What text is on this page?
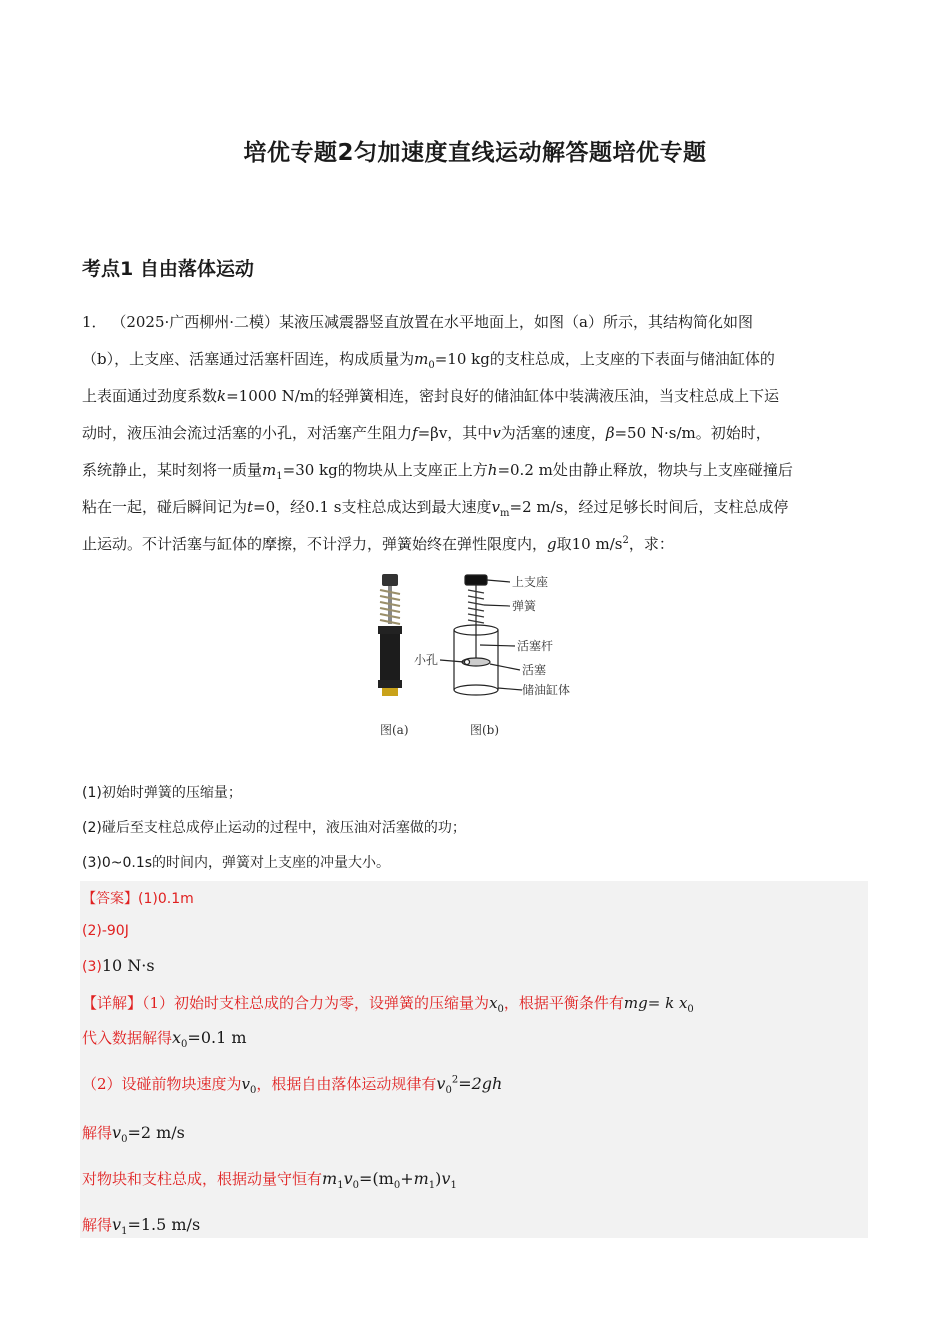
培优专题2匀加速度直线运动解答题培优专题
考点1 自由落体运动
1． （2025·广西柳州·二模）某液压减震器竖直放置在水平地面上，如图（a）所示，其结构简化如图
（b），上支座、活塞通过活塞杆固连，构成质量为$m_0=10$ kg的支柱总成，上支座的下表面与储油缸体的
上表面通过劲度系数k=1000 N/m的轻弹簧相连，密封良好的储油缸体中装满液压油，当支柱总成上下运
动时，液压油会流过活塞的小孔，对活塞产生阻力f=βv，其中v为活塞的速度，β=50 N·s/m。初始时，
系统静止，某时刻将一质量$m_1=30$ kg的物块从上支座正上方h=0.2 m处由静止释放，物块与上支座碰撞后
粘在一起，碰后瞬间记为t=0，经0.1 s支柱总成达到最大速度$v_m=2$ m/s，经过足够长时间后，支柱总成停
止运动。不计活塞与缸体的摩擦，不计浮力，弹簧始终在弹性限度内，g取10 $m/s^2$，求：
上支座
弹簧
活塞杆
小孔
活塞
储油缸体
图(a)	图(b)
(1)初始时弹簧的压缩量；
(2)碰后至支柱总成停止运动的过程中，液压油对活塞做的功；
(3)0~0.1s的时间内，弹簧对上支座的冲量大小。
【答案】(1)0.1m
(2)-90J
(3)10 N·s
【详解】（1）初始时支柱总成的合力为零，设弹簧的压缩量为$x_0$，根据平衡条件有mg= k $x_0$
代入数据解得$x_0=0.1$ m
（2）设碰前物块速度为$v_0$，根据自由落体运动规律有$v_0^2=2gh$
解得$v_0=2$ m/s
对物块和支柱总成，根据动量守恒有$m_1v_0=(m_0+m_1)v_1$
解得$v_1=1.5$ m/s
